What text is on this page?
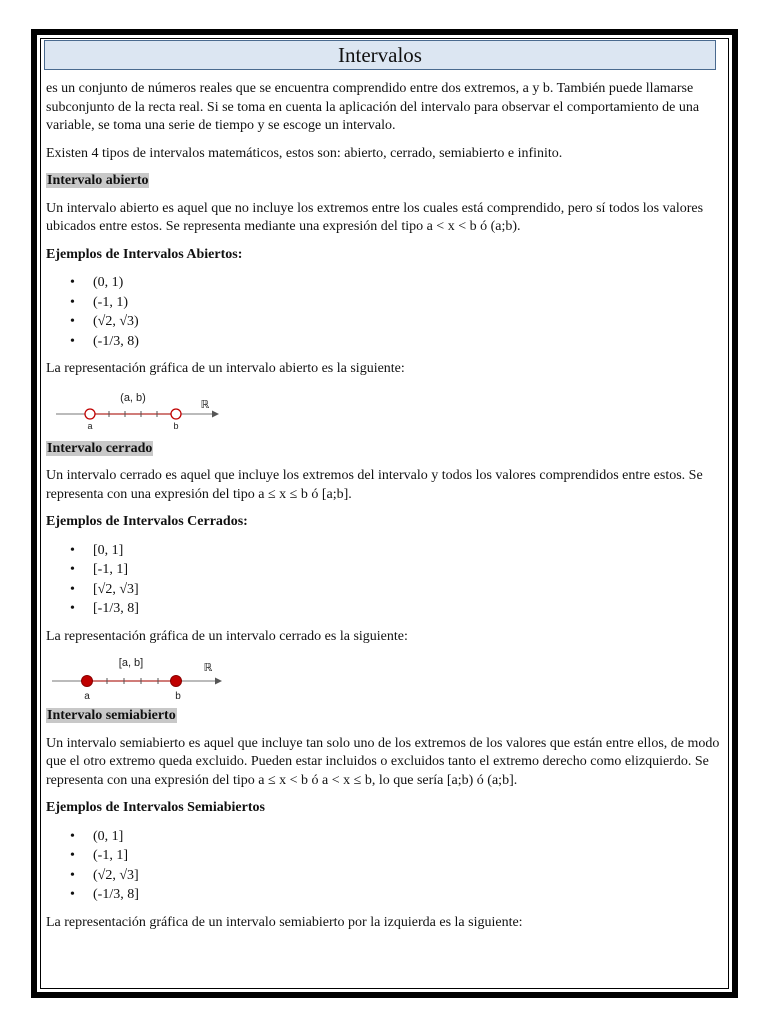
Intervalos

es un conjunto de números reales que se encuentra comprendido entre dos extremos, a y b. También puede llamarse subconjunto de la recta real. Si se toma en cuenta la aplicación del intervalo para observar el comportamiento de una variable, se toma una serie de tiempo y se escoge un intervalo.

Existen 4 tipos de intervalos matemáticos, estos son: abierto, cerrado, semiabierto e infinito.

Intervalo abierto

Un intervalo abierto es aquel que no incluye los extremos entre los cuales está comprendido, pero sí todos los valores ubicados entre estos. Se representa mediante una expresión del tipo a < x < b ó (a;b).

Ejemplos de Intervalos Abiertos:

• (0, 1)
• (-1, 1)
• (√2, √3)
• (-1/3, 8)

La representación gráfica de un intervalo abierto es la siguiente:

(a, b)
a	b
ℝ

Intervalo cerrado

Un intervalo cerrado es aquel que incluye los extremos del intervalo y todos los valores comprendidos entre estos. Se representa con una expresión del tipo a ≤ x ≤ b ó [a;b].

Ejemplos de Intervalos Cerrados:

• [0, 1]
• [-1, 1]
• [√2, √3]
• [-1/3, 8]

La representación gráfica de un intervalo cerrado es la siguiente:

[a, b]
a	b
ℝ

Intervalo semiabierto

Un intervalo semiabierto es aquel que incluye tan solo uno de los extremos de los valores que están entre ellos, de modo que el otro extremo queda excluido. Pueden estar incluidos o excluidos tanto el extremo derecho como elizquierdo. Se representa con una expresión del tipo a ≤ x < b ó a < x ≤ b, lo que sería [a;b) ó (a;b].

Ejemplos de Intervalos Semiabiertos

• (0, 1]
• (-1, 1]
• (√2, √3]
• (-1/3, 8]

La representación gráfica de un intervalo semiabierto por la izquierda es la siguiente:
